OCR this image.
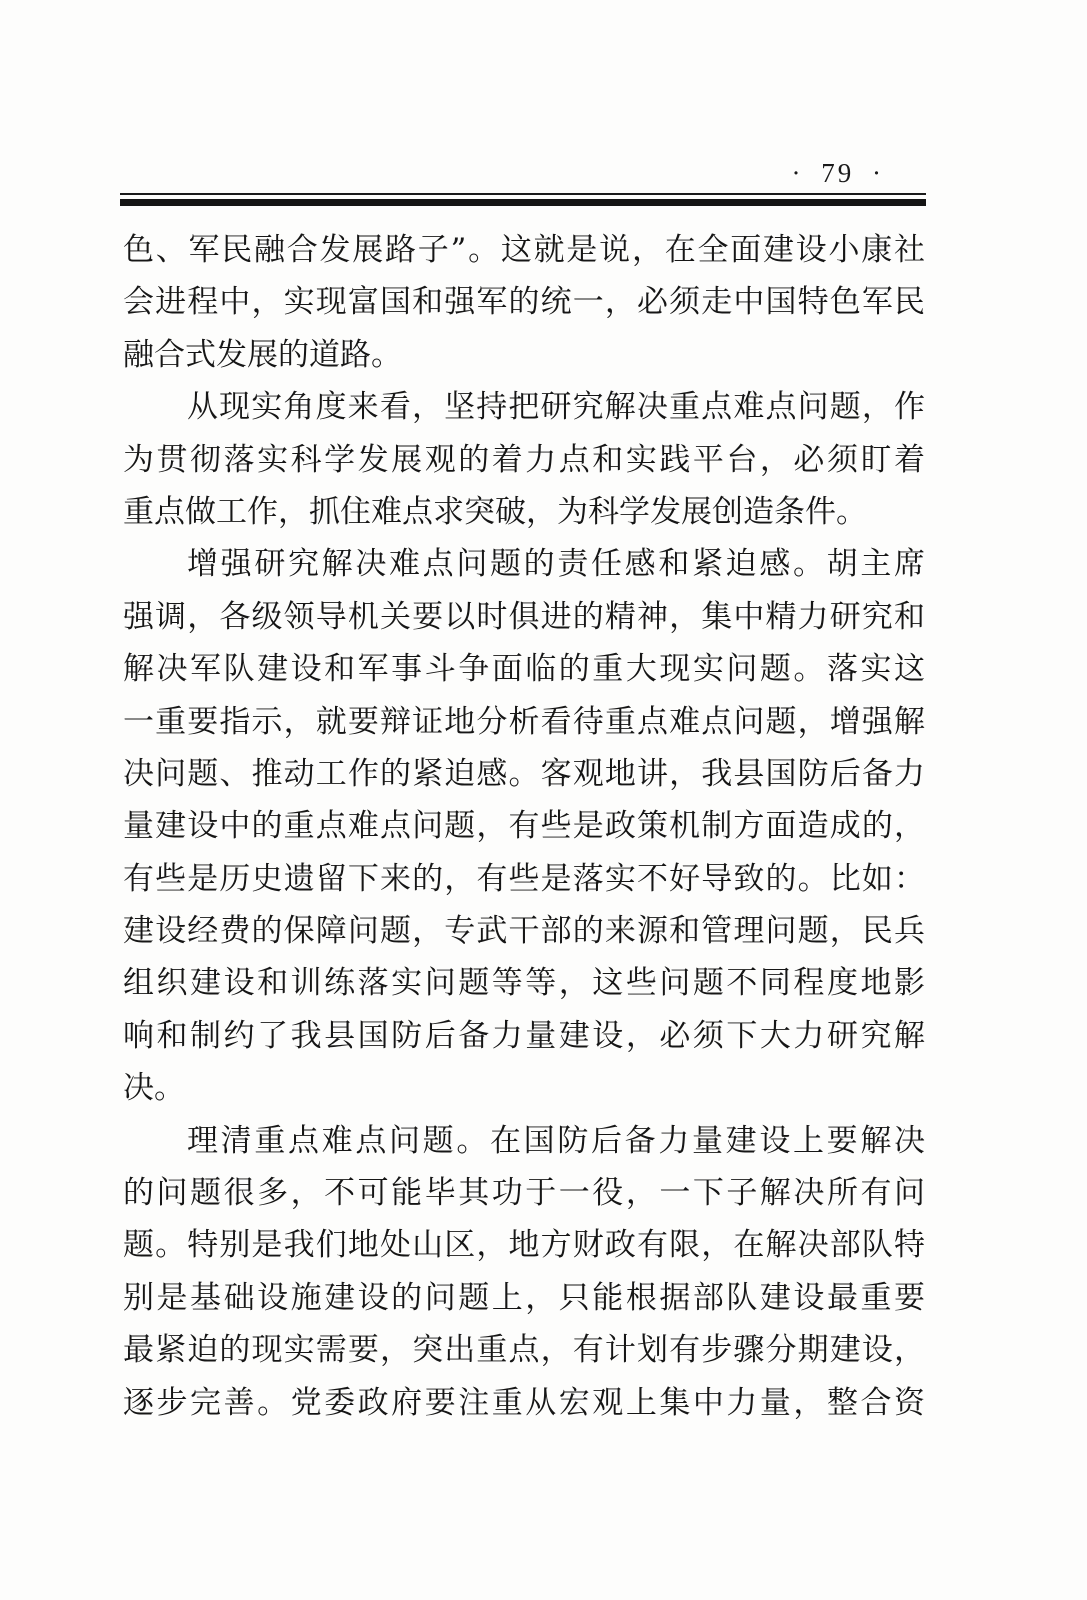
· 79 ·
色、军民融合发展路子”。这就是说，在全面建设小康社
会进程中，实现富国和强军的统一，必须走中国特色军民
融合式发展的道路。
从现实角度来看，坚持把研究解决重点难点问题，作
为贯彻落实科学发展观的着力点和实践平台，必须盯着
重点做工作，抓住难点求突破，为科学发展创造条件。
增强研究解决难点问题的责任感和紧迫感。胡主席
强调，各级领导机关要以时俱进的精神，集中精力研究和
解决军队建设和军事斗争面临的重大现实问题。落实这
一重要指示，就要辩证地分析看待重点难点问题，增强解
决问题、推动工作的紧迫感。客观地讲，我县国防后备力
量建设中的重点难点问题，有些是政策机制方面造成的，
有些是历史遗留下来的，有些是落实不好导致的。比如：
建设经费的保障问题，专武干部的来源和管理问题，民兵
组织建设和训练落实问题等等，这些问题不同程度地影
响和制约了我县国防后备力量建设，必须下大力研究解
决。
理清重点难点问题。在国防后备力量建设上要解决
的问题很多，不可能毕其功于一役，一下子解决所有问
题。特别是我们地处山区，地方财政有限，在解决部队特
别是基础设施建设的问题上，只能根据部队建设最重要
最紧迫的现实需要，突出重点，有计划有步骤分期建设，
逐步完善。党委政府要注重从宏观上集中力量，整合资
